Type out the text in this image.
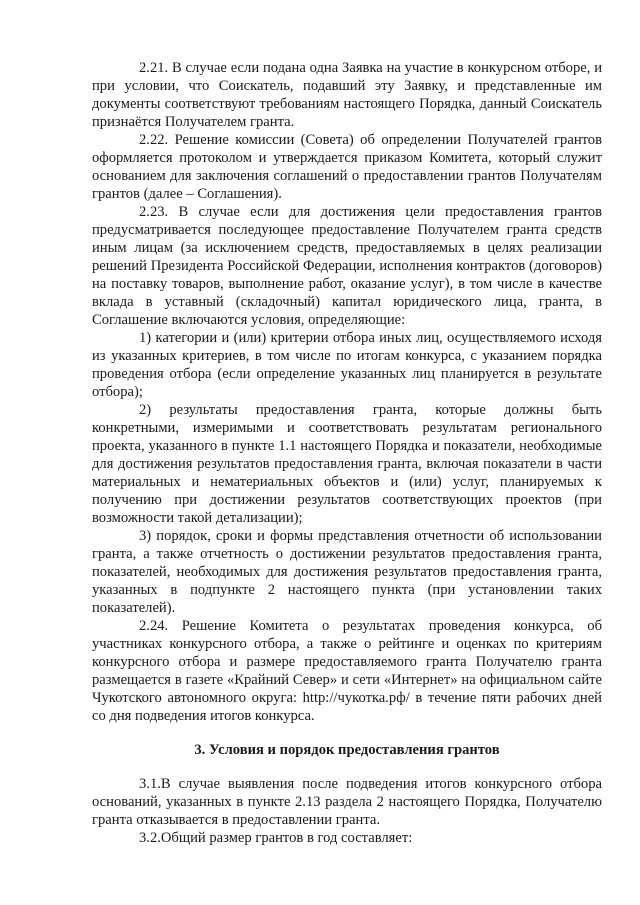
2.21. В случае если подана одна Заявка на участие в конкурсном отборе, и при условии, что Соискатель, подавший эту Заявку, и представленные им документы соответствуют требованиям настоящего Порядка, данный Соискатель признаётся Получателем гранта.

2.22. Решение комиссии (Совета) об определении Получателей грантов оформляется протоколом и утверждается приказом Комитета, который служит основанием для заключения соглашений о предоставлении грантов Получателям грантов (далее – Соглашения).

2.23. В случае если для достижения цели предоставления грантов предусматривается последующее предоставление Получателем гранта средств иным лицам (за исключением средств, предоставляемых в целях реализации решений Президента Российской Федерации, исполнения контрактов (договоров) на поставку товаров, выполнение работ, оказание услуг), в том числе в качестве вклада в уставный (складочный) капитал юридического лица, гранта, в Соглашение включаются условия, определяющие:

1) категории и (или) критерии отбора иных лиц, осуществляемого исходя из указанных критериев, в том числе по итогам конкурса, с указанием порядка проведения отбора (если определение указанных лиц планируется в результате отбора);

2) результаты предоставления гранта, которые должны быть конкретными, измеримыми и соответствовать результатам регионального проекта, указанного в пункте 1.1 настоящего Порядка и показатели, необходимые для достижения результатов предоставления гранта, включая показатели в части материальных и нематериальных объектов и (или) услуг, планируемых к получению при достижении результатов соответствующих проектов (при возможности такой детализации);

3) порядок, сроки и формы представления отчетности об использовании гранта, а также отчетность о достижении результатов предоставления гранта, показателей, необходимых для достижения результатов предоставления гранта, указанных в подпункте 2 настоящего пункта (при установлении таких показателей).

2.24. Решение Комитета о результатах проведения конкурса, об участниках конкурсного отбора, а также о рейтинге и оценках по критериям конкурсного отбора и размере предоставляемого гранта Получателю гранта размещается в газете «Крайний Север» и сети «Интернет» на официальном сайте Чукотского автономного округа: http://чукотка.рф/ в течение пяти рабочих дней со дня подведения итогов конкурса.

3. Условия и порядок предоставления грантов

3.1.В случае выявления после подведения итогов конкурсного отбора оснований, указанных в пункте 2.13 раздела 2 настоящего Порядка, Получателю гранта отказывается в предоставлении гранта.

3.2.Общий размер грантов в год составляет:
